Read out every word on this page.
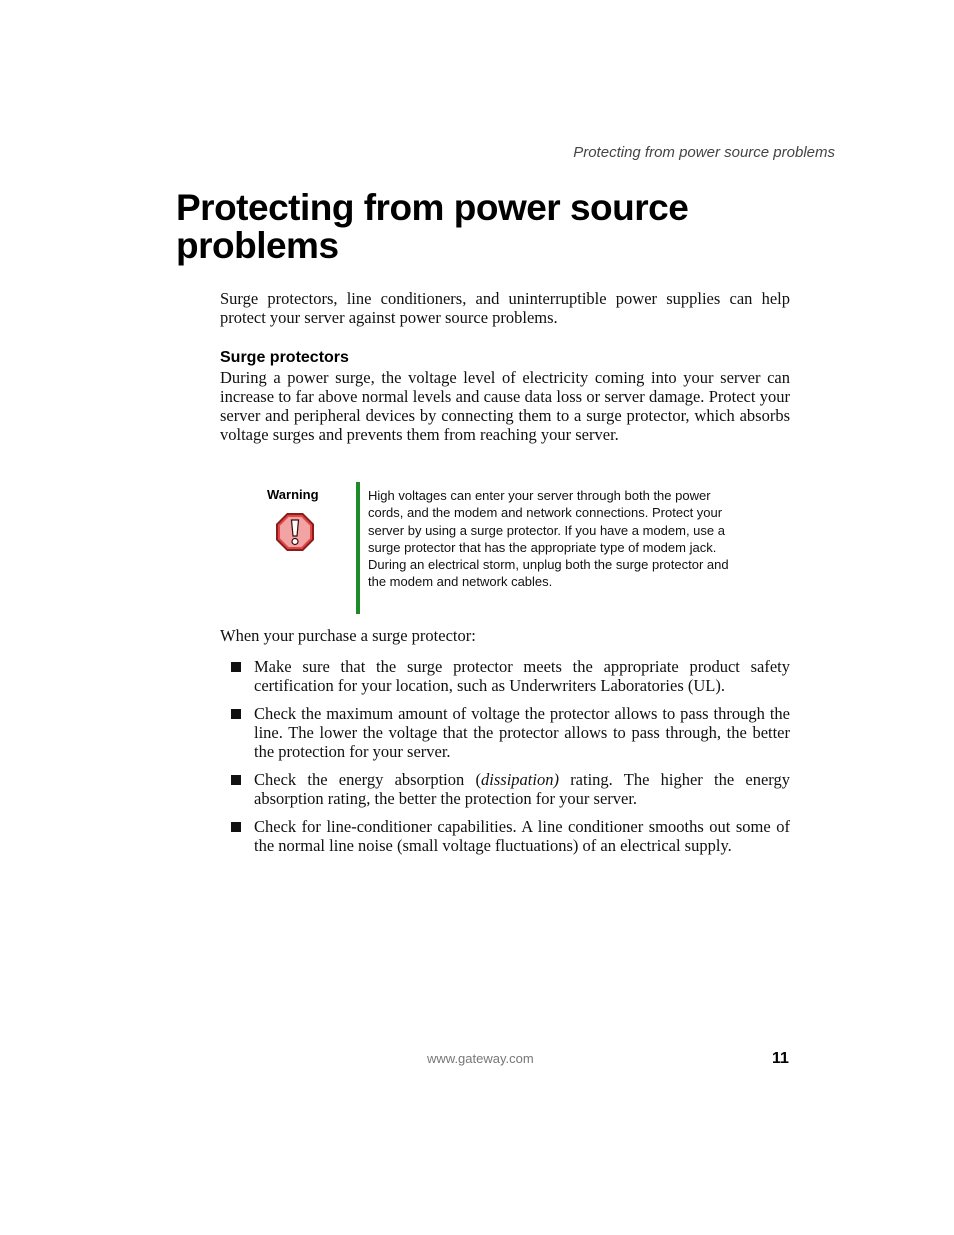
Protecting from power source problems
Protecting from power source problems

Surge protectors, line conditioners, and uninterruptible power supplies can help protect your server against power source problems.

Surge protectors

During a power surge, the voltage level of electricity coming into your server can increase to far above normal levels and cause data loss or server damage. Protect your server and peripheral devices by connecting them to a surge protector, which absorbs voltage surges and prevents them from reaching your server.

Warning	High voltages can enter your server through both the power cords, and the modem and network connections. Protect your server by using a surge protector. If you have a modem, use a surge protector that has the appropriate type of modem jack. During an electrical storm, unplug both the surge protector and the modem and network cables.

When your purchase a surge protector:

Make sure that the surge protector meets the appropriate product safety certification for your location, such as Underwriters Laboratories (UL).
Check the maximum amount of voltage the protector allows to pass through the line. The lower the voltage that the protector allows to pass through, the better the protection for your server.
Check the energy absorption (dissipation) rating. The higher the energy absorption rating, the better the protection for your server.
Check for line-conditioner capabilities. A line conditioner smooths out some of the normal line noise (small voltage fluctuations) of an electrical supply.
www.gateway.com	11
